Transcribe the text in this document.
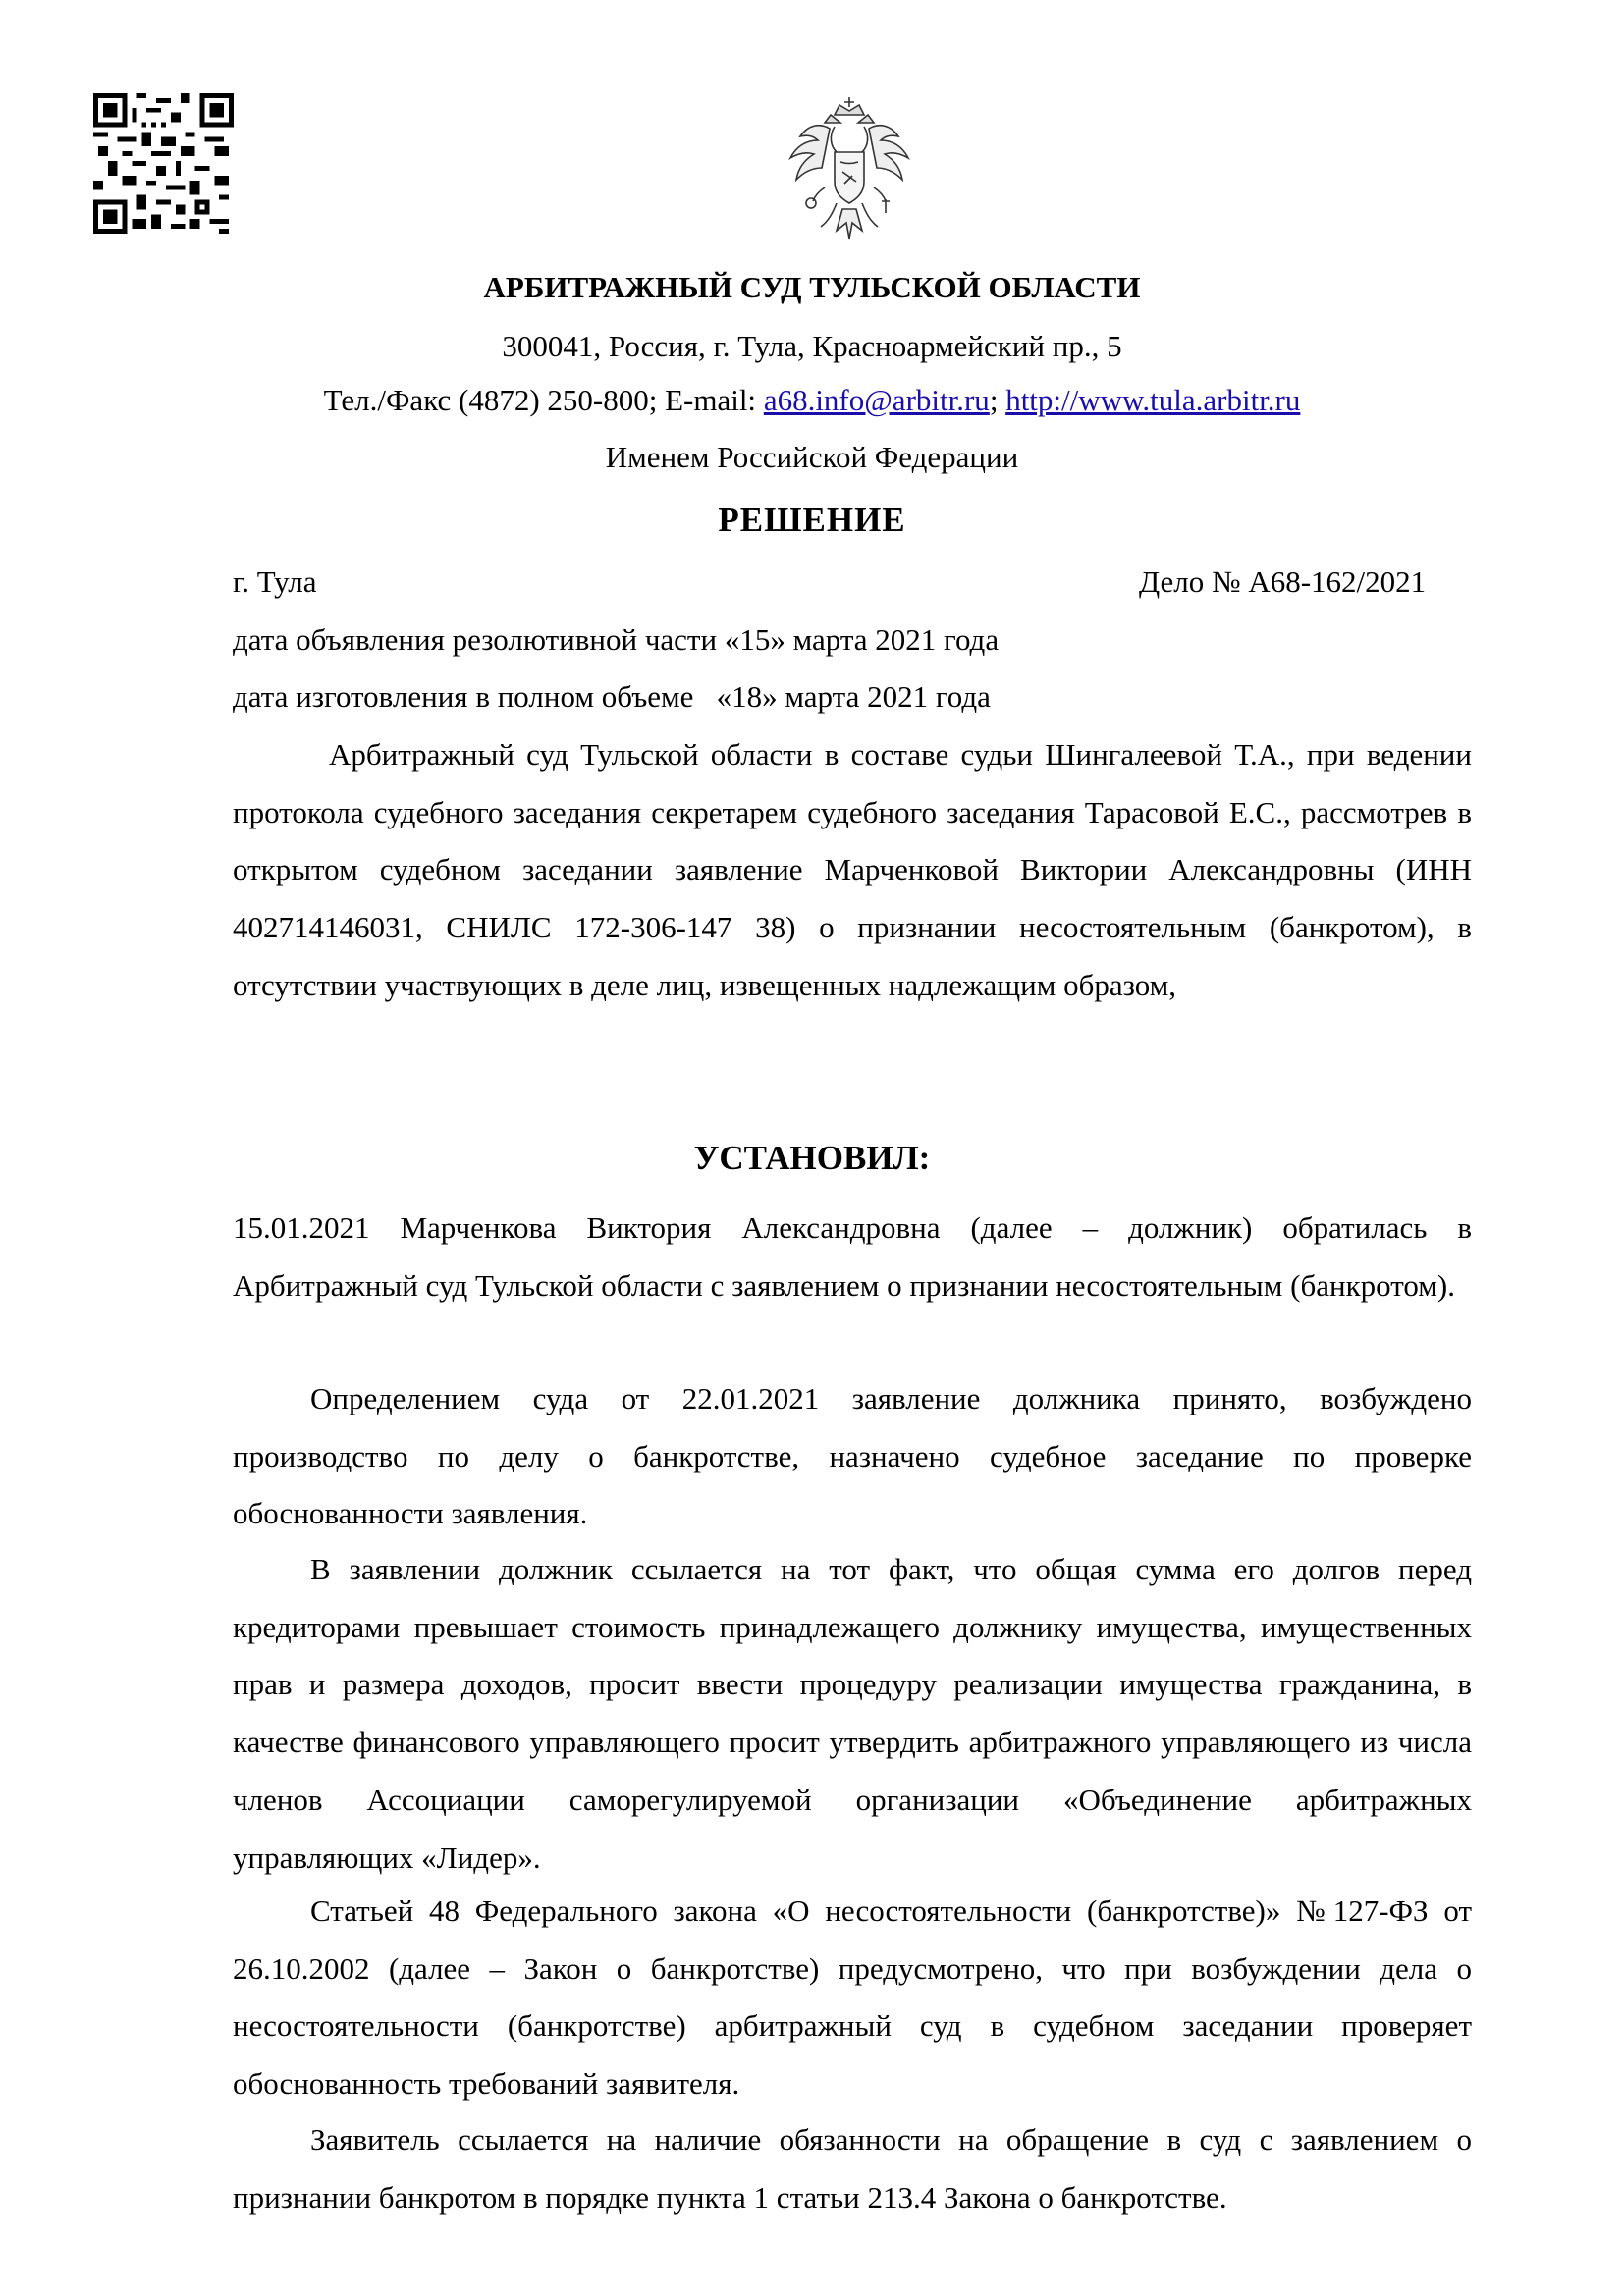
АРБИТРАЖНЫЙ СУД ТУЛЬСКОЙ ОБЛАСТИ
300041, Россия, г. Тула, Красноармейский пр., 5
Тел./Факс (4872) 250-800; E-mail: a68.info@arbitr.ru; http://www.tula.arbitr.ru
Именем Российской Федерации
РЕШЕНИЕ
г. Тула	Дело № А68-162/2021
дата объявления резолютивной части «15» марта 2021 года
дата изготовления в полном объеме   «18» марта 2021 года

Арбитражный суд Тульской области в составе судьи Шингалеевой Т.А., при ведении протокола судебного заседания секретарем судебного заседания Тарасовой Е.С., рассмотрев в открытом судебном заседании заявление Марченковой Виктории Александровны (ИНН 402714146031, СНИЛС 172-306-147 38) о признании несостоятельным (банкротом), в отсутствии участвующих в деле лиц, извещенных надлежащим образом,

УСТАНОВИЛ:

15.01.2021 Марченкова Виктория Александровна (далее – должник) обратилась в Арбитражный суд Тульской области с заявлением о признании несостоятельным (банкротом).

Определением суда от 22.01.2021 заявление должника принято, возбуждено производство по делу о банкротстве, назначено судебное заседание по проверке обоснованности заявления.

В заявлении должник ссылается на тот факт, что общая сумма его долгов перед кредиторами превышает стоимость принадлежащего должнику имущества, имущественных прав и размера доходов, просит ввести процедуру реализации имущества гражданина, в качестве финансового управляющего просит утвердить арбитражного управляющего из числа членов Ассоциации саморегулируемой организации «Объединение арбитражных управляющих «Лидер».

Статьей 48 Федерального закона «О несостоятельности (банкротстве)» №127-ФЗ от 26.10.2002 (далее – Закон о банкротстве) предусмотрено, что при возбуждении дела о несостоятельности (банкротстве) арбитражный суд в судебном заседании проверяет обоснованность требований заявителя.

Заявитель ссылается на наличие обязанности на обращение в суд с заявлением о признании банкротом в порядке пункта 1 статьи 213.4 Закона о банкротстве.
